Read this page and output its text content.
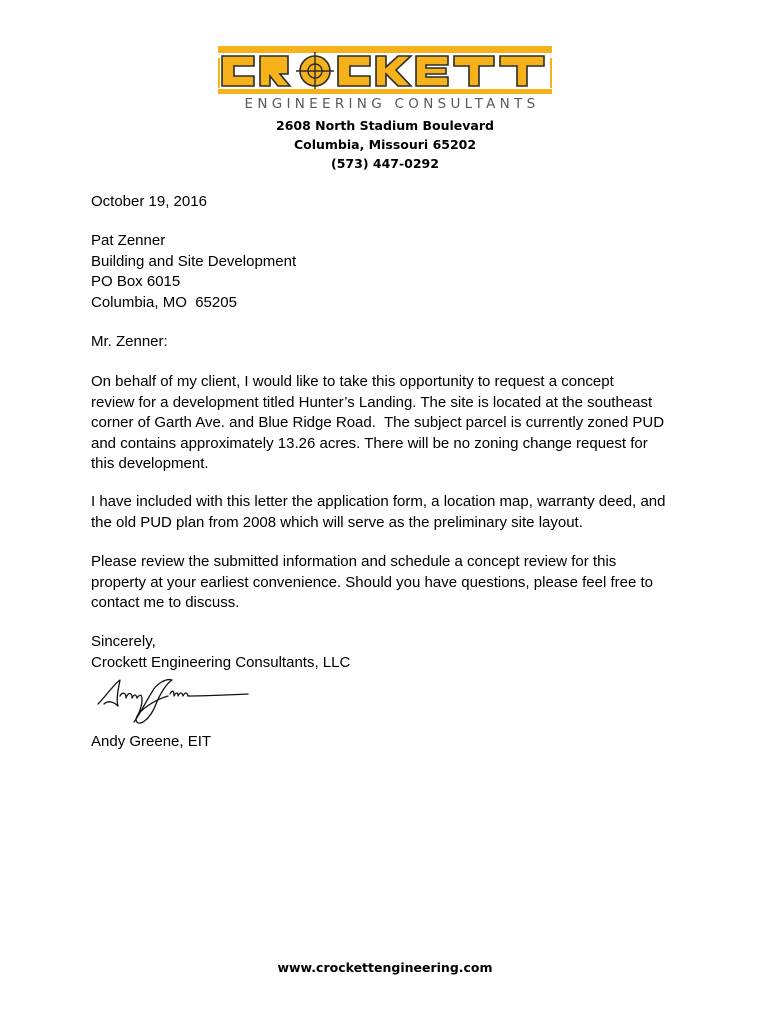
ENGINEERING CONSULTANTS
2608 North Stadium Boulevard
Columbia, Missouri 65202
(573) 447-0292
October 19, 2016
Pat Zenner
Building and Site Development
PO Box 6015
Columbia, MO  65205
Mr. Zenner:
On behalf of my client, I would like to take this opportunity to request a concept
review for a development titled Hunter’s Landing. The site is located at the southeast
corner of Garth Ave. and Blue Ridge Road.  The subject parcel is currently zoned PUD
and contains approximately 13.26 acres. There will be no zoning change request for
this development.
I have included with this letter the application form, a location map, warranty deed, and
the old PUD plan from 2008 which will serve as the preliminary site layout.
Please review the submitted information and schedule a concept review for this
property at your earliest convenience. Should you have questions, please feel free to
contact me to discuss.
Sincerely,
Crockett Engineering Consultants, LLC
Andy Greene, EIT
www.crockettengineering.com
